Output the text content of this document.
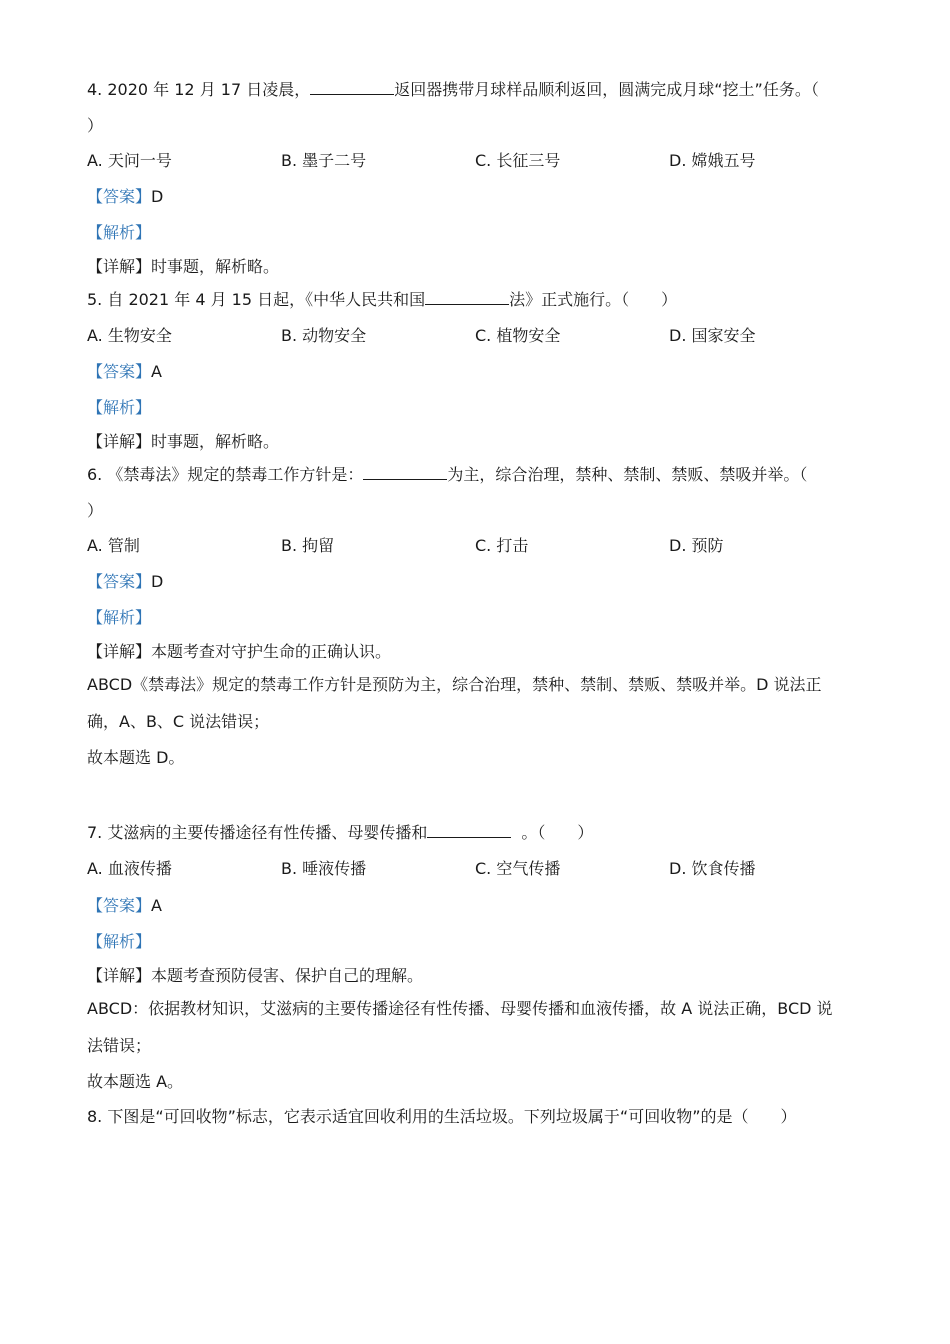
4. 2020 年 12 月 17 日凌晨，	返回器携带月球样品顺利返回，圆满完成月球“挖土”任务。（
）
A. 天问一号	B. 墨子二号	C. 长征三号	D. 嫦娥五号
【答案】D
【解析】
【详解】时事题，解析略。
5. 自 2021 年 4 月 15 日起，《中华人民共和国	法》正式施行。（　　）
A. 生物安全	B. 动物安全	C. 植物安全	D. 国家安全
【答案】A
【解析】
【详解】时事题，解析略。
6. 《禁毒法》规定的禁毒工作方针是：	为主，综合治理，禁种、禁制、禁贩、禁吸并举。（
）
A. 管制	B. 拘留	C. 打击	D. 预防
【答案】D
【解析】
【详解】本题考查对守护生命的正确认识。
ABCD《禁毒法》规定的禁毒工作方针是预防为主，综合治理，禁种、禁制、禁贩、禁吸并举。D 说法正
确，A、B、C 说法错误；
故本题选 D。
7. 艾滋病的主要传播途径有性传播、母婴传播和	。（　　）
A. 血液传播	B. 唾液传播	C. 空气传播	D. 饮食传播
【答案】A
【解析】
【详解】本题考查预防侵害、保护自己的理解。
ABCD：依据教材知识，艾滋病的主要传播途径有性传播、母婴传播和血液传播，故 A 说法正确，BCD 说
法错误；
故本题选 A。
8. 下图是“可回收物”标志，它表示适宜回收利用的生活垃圾。下列垃圾属于“可回收物”的是（　　）
